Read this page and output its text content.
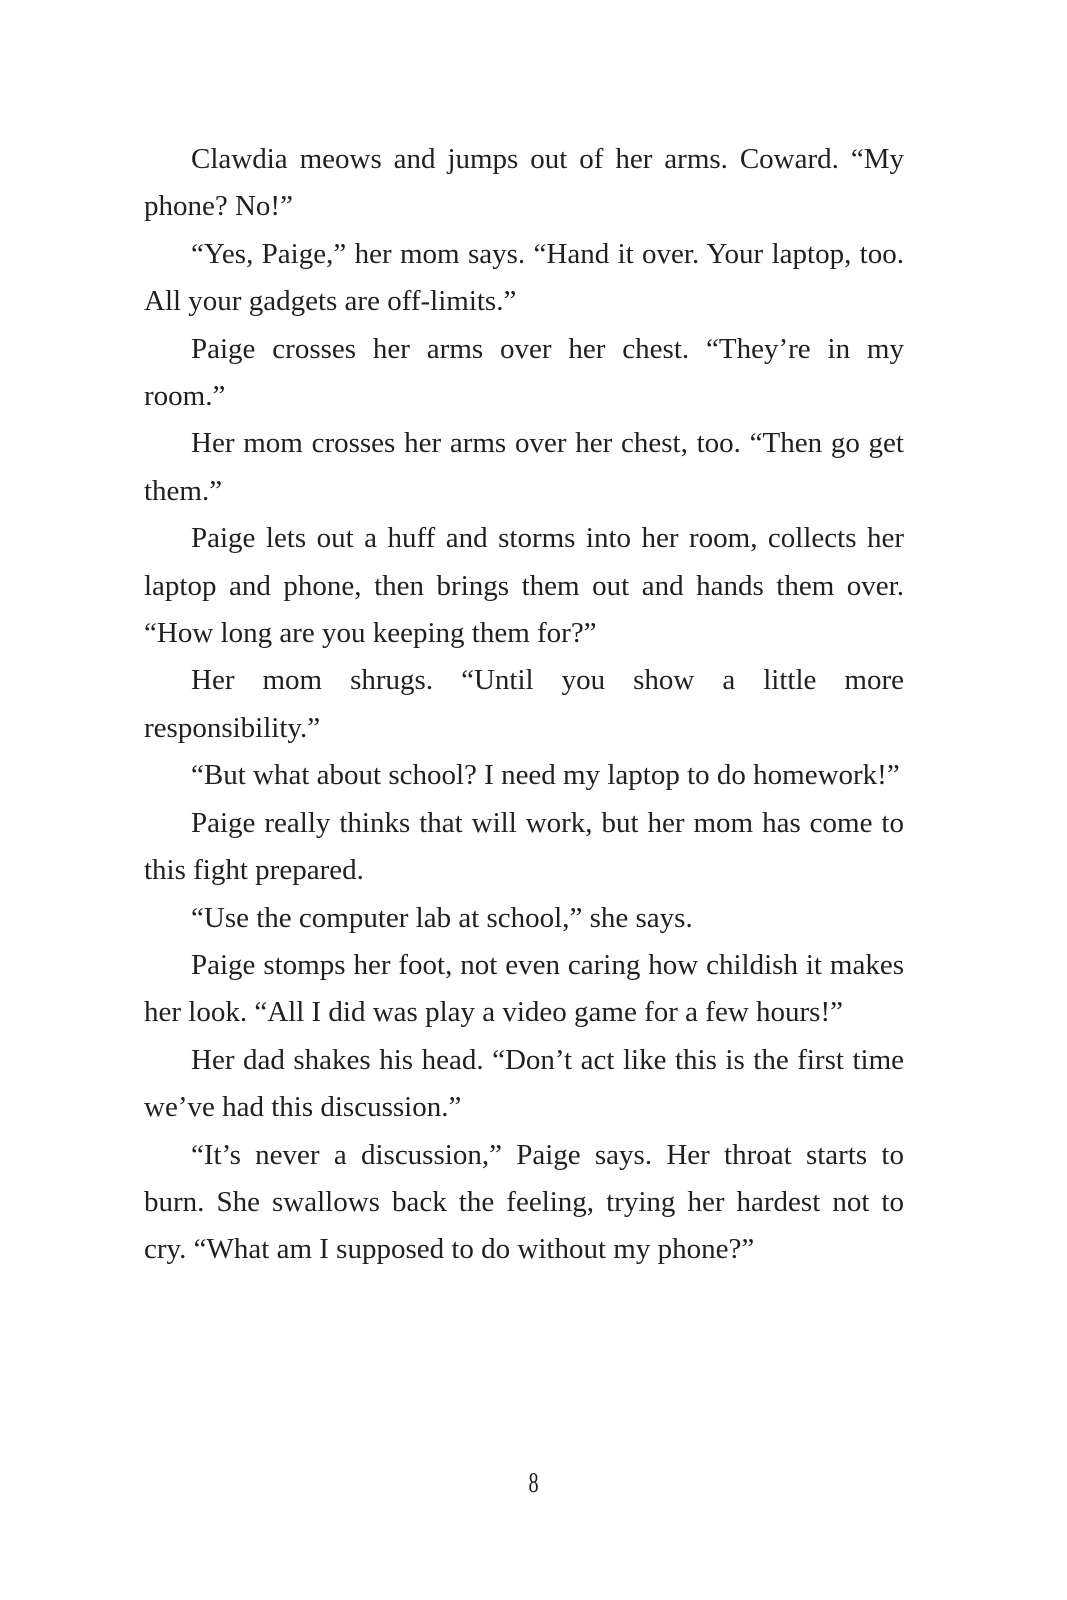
Clawdia meows and jumps out of her arms. Coward. “My phone? No!”

“Yes, Paige,” her mom says. “Hand it over. Your laptop, too. All your gadgets are off-limits.”

Paige crosses her arms over her chest. “They’re in my room.”

Her mom crosses her arms over her chest, too. “Then go get them.”

Paige lets out a huff and storms into her room, collects her laptop and phone, then brings them out and hands them over. “How long are you keeping them for?”

Her mom shrugs. “Until you show a little more responsibility.”

“But what about school? I need my laptop to do homework!”

Paige really thinks that will work, but her mom has come to this fight prepared.

“Use the computer lab at school,” she says.

Paige stomps her foot, not even caring how childish it makes her look. “All I did was play a video game for a few hours!”

Her dad shakes his head. “Don’t act like this is the first time we’ve had this discussion.”

“It’s never a discussion,” Paige says. Her throat starts to burn. She swallows back the feeling, trying her hardest not to cry. “What am I supposed to do without my phone?”

8
